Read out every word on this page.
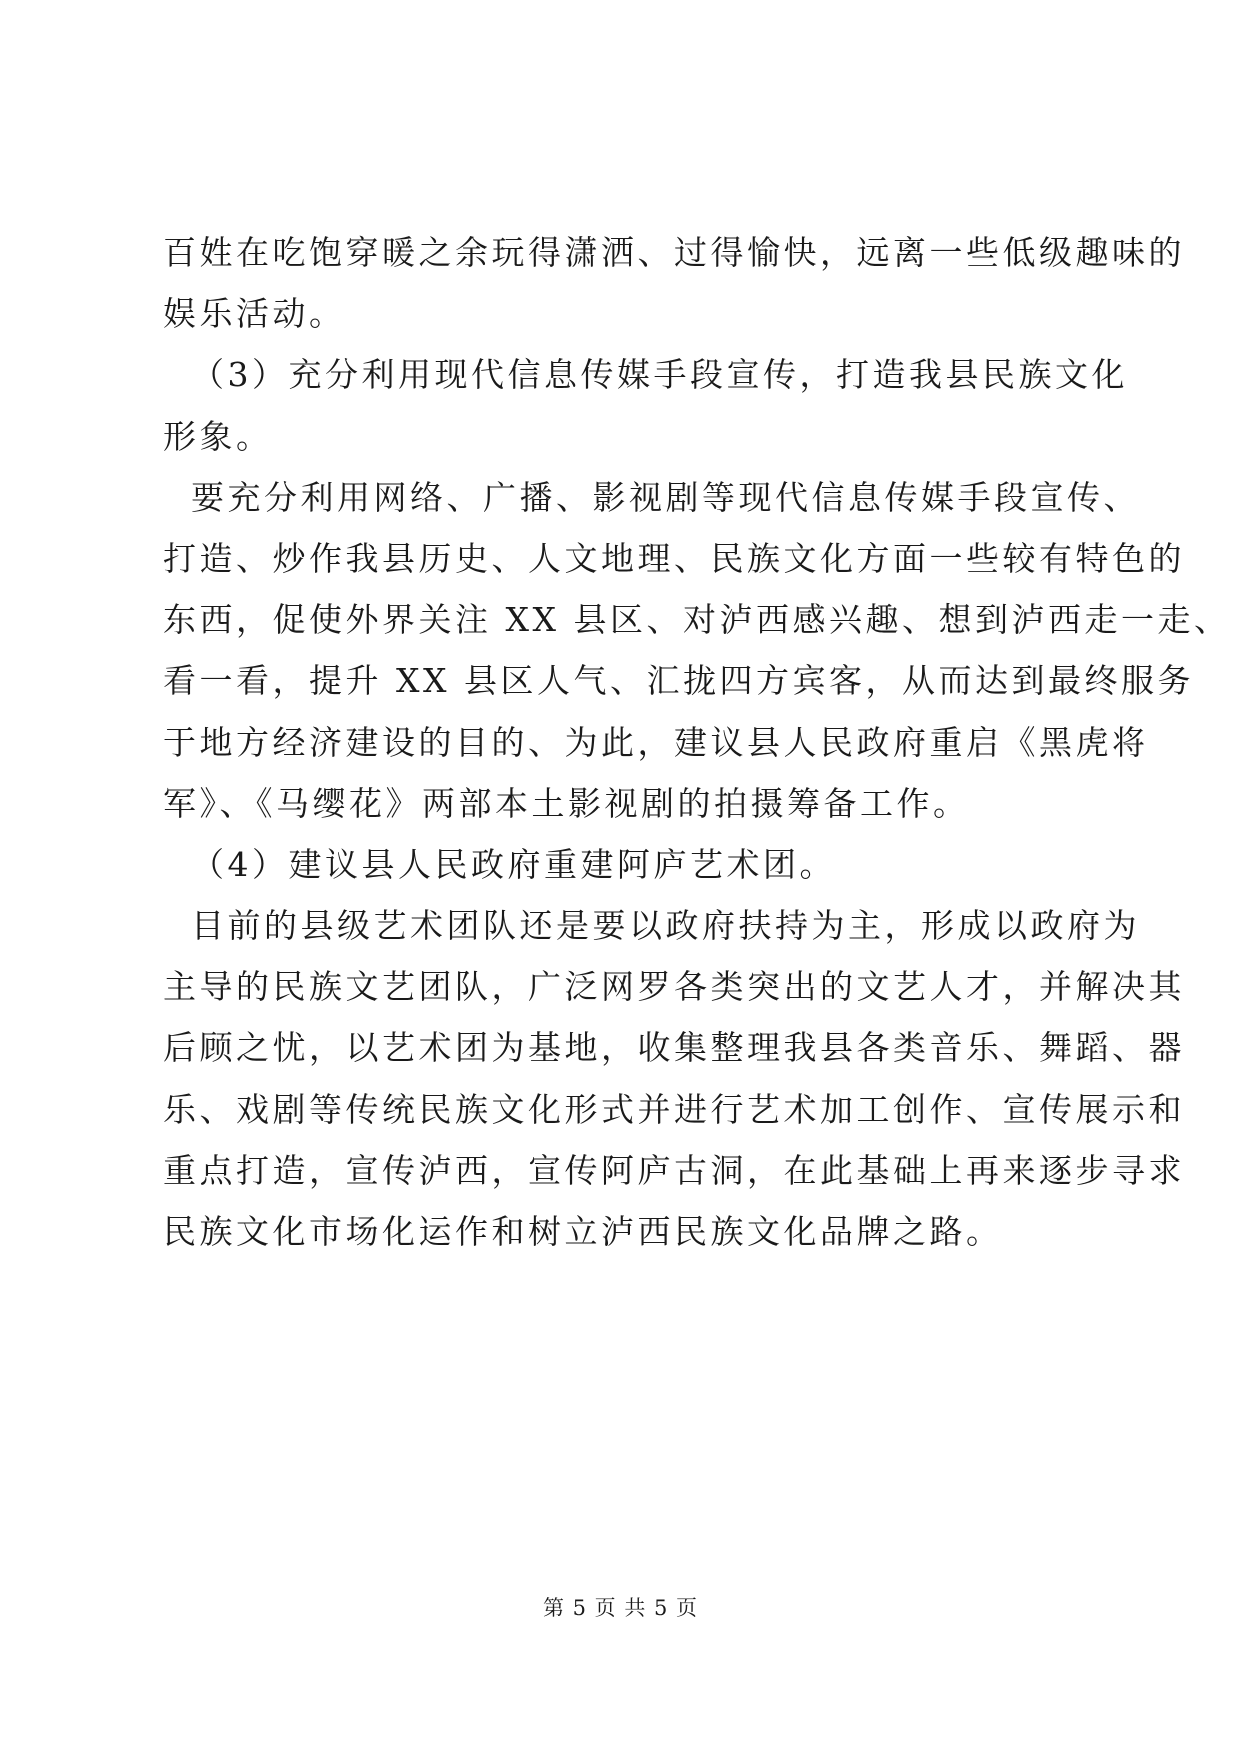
百姓在吃饱穿暖之余玩得潇洒、过得愉快，远离一些低级趣味的
娱乐活动。
（3）充分利用现代信息传媒手段宣传，打造我县民族文化
形象。
要充分利用网络、广播、影视剧等现代信息传媒手段宣传、
打造、炒作我县历史、人文地理、民族文化方面一些较有特色的
东西，促使外界关注 XX 县区、对泸西感兴趣、想到泸西走一走、
看一看，提升 XX 县区人气、汇拢四方宾客，从而达到最终服务
于地方经济建设的目的、为此，建议县人民政府重启《黑虎将
军》、《马缨花》两部本土影视剧的拍摄筹备工作。
（4）建议县人民政府重建阿庐艺术团。
目前的县级艺术团队还是要以政府扶持为主，形成以政府为
主导的民族文艺团队，广泛网罗各类突出的文艺人才，并解决其
后顾之忧，以艺术团为基地，收集整理我县各类音乐、舞蹈、器
乐、戏剧等传统民族文化形式并进行艺术加工创作、宣传展示和
重点打造，宣传泸西，宣传阿庐古洞，在此基础上再来逐步寻求
民族文化市场化运作和树立泸西民族文化品牌之路。
第 5 页 共 5 页
